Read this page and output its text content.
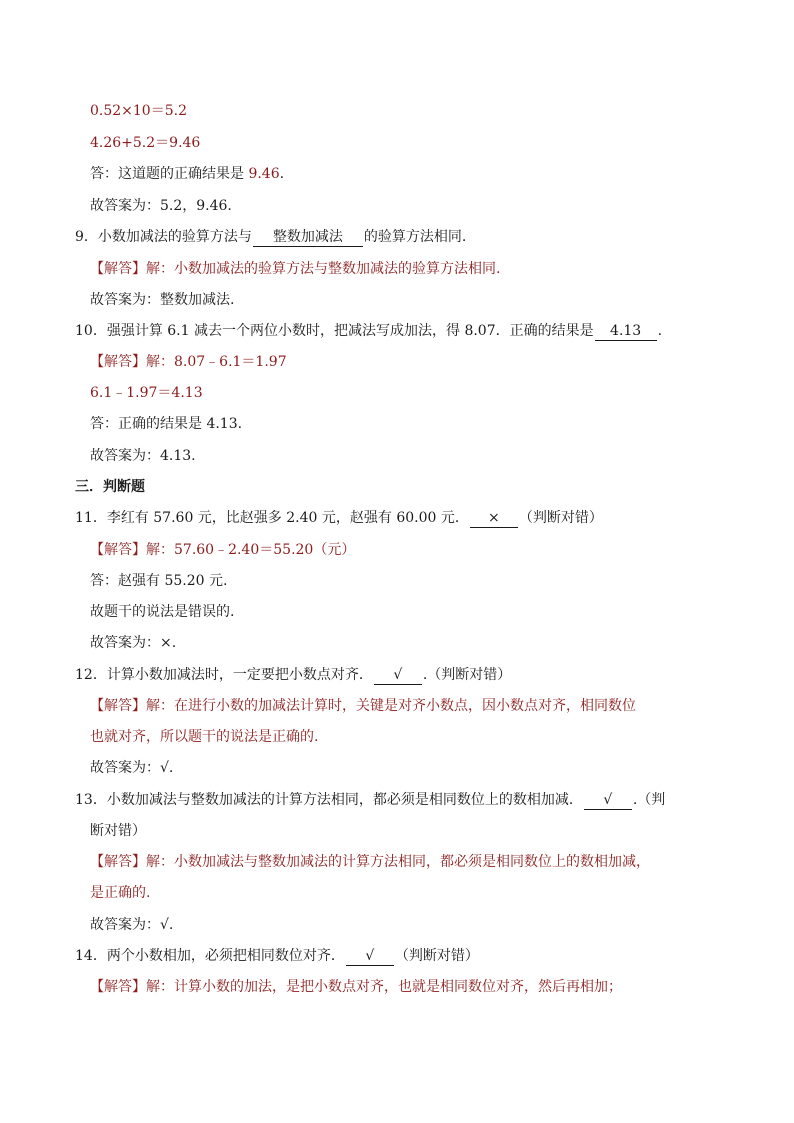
0.52×10＝5.2
4.26+5.2＝9.46
答：这道题的正确结果是 9.46.
故答案为：5.2，9.46.
9．小数加减法的验算方法与 整数加减法 的验算方法相同.
【解答】解：小数加减法的验算方法与整数加减法的验算方法相同.
故答案为：整数加减法.
10．强强计算 6.1 减去一个两位小数时，把减法写成加法，得 8.07．正确的结果是 4.13 .
【解答】解：8.07﹣6.1＝1.97
6.1﹣1.97＝4.13
答：正确的结果是 4.13.
故答案为：4.13.
三．判断题
11．李红有 57.60 元，比赵强多 2.40 元，赵强有 60.00 元． × （判断对错）
【解答】解：57.60﹣2.40＝55.20（元）
答：赵强有 55.20 元.
故题干的说法是错误的.
故答案为：×.
12．计算小数加减法时，一定要把小数点对齐． √ .（判断对错）
【解答】解：在进行小数的加减法计算时，关键是对齐小数点，因小数点对齐，相同数位
也就对齐，所以题干的说法是正确的.
故答案为：√.
13．小数加减法与整数加减法的计算方法相同，都必须是相同数位上的数相加减． √ .（判
断对错）
【解答】解：小数加减法与整数加减法的计算方法相同，都必须是相同数位上的数相加减，
是正确的.
故答案为：√.
14．两个小数相加，必须把相同数位对齐． √ （判断对错）
【解答】解：计算小数的加法，是把小数点对齐，也就是相同数位对齐，然后再相加；
